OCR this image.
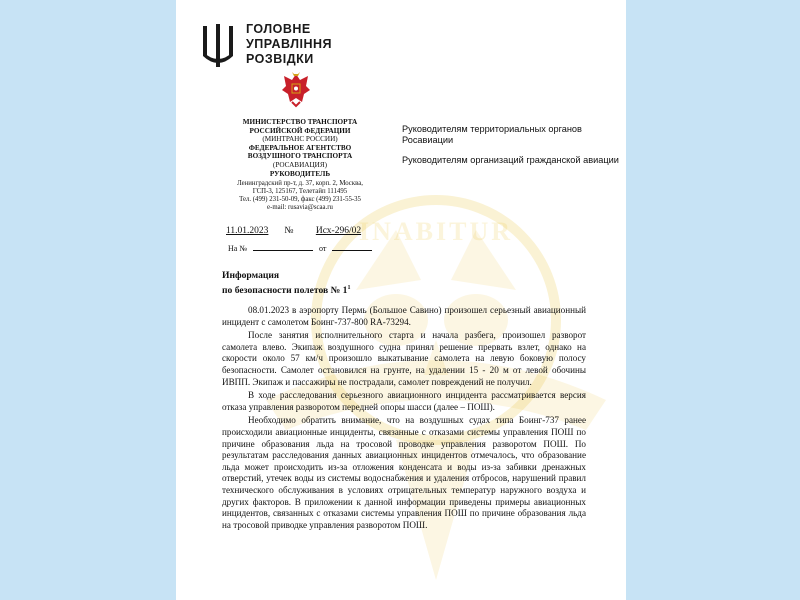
INABITUR
ГОЛОВНЕ
УПРАВЛІННЯ
РОЗВІДКИ
МИНИСТЕРСТВО ТРАНСПОРТА
РОССИЙСКОЙ ФЕДЕРАЦИИ
(МИНТРАНС РОССИИ)
ФЕДЕРАЛЬНОЕ АГЕНТСТВО
ВОЗДУШНОГО ТРАНСПОРТА
(РОСАВИАЦИЯ)
РУКОВОДИТЕЛЬ
Ленинградский пр-т, д. 37, корп. 2, Москва,
ГСП-3, 125167, Телетайп 111495
Тел. (499) 231-50-09, факс (499) 231-55-35
e-mail: rusavia@scaa.ru
Руководителям территориальных органов Росавиации
Руководителям организаций гражданской авиации
11.01.2023 № Исх-296/02
На №	от
Информация
по безопасности полетов № $1^1$

08.01.2023 в аэропорту Пермь (Большое Савино) произошел серьезный авиационный инцидент с самолетом Боинг-737-800 RA-73294.

После занятия исполнительного старта и начала разбега, произошел разворот самолета влево. Экипаж воздушного судна принял решение прервать взлет, однако на скорости около 57 км/ч произошло выкатывание самолета на левую боковую полосу безопасности. Самолет остановился на грунте, на удалении 15 - 20 м от левой обочины ИВПП. Экипаж и пассажиры не пострадали, самолет повреждений не получил.

В ходе расследования серьезного авиационного инцидента рассматривается версия отказа управления разворотом передней опоры шасси (далее – ПОШ).

Необходимо обратить внимание, что на воздушных судах типа Боинг-737 ранее происходили авиационные инциденты, связанные с отказами системы управления ПОШ по причине образования льда на тросовой проводке управления разворотом ПОШ. По результатам расследования данных авиационных инцидентов отмечалось, что образование льда может происходить из-за отложения конденсата и воды из-за забивки дренажных отверстий, утечек воды из системы водоснабжения и удаления отбросов, нарушений правил технического обслуживания в условиях отрицательных температур наружного воздуха и других факторов. В приложении к данной информации приведены примеры авиационных инцидентов, связанных с отказами системы управления ПОШ по причине образования льда на тросовой приводке управления разворотом ПОШ.
